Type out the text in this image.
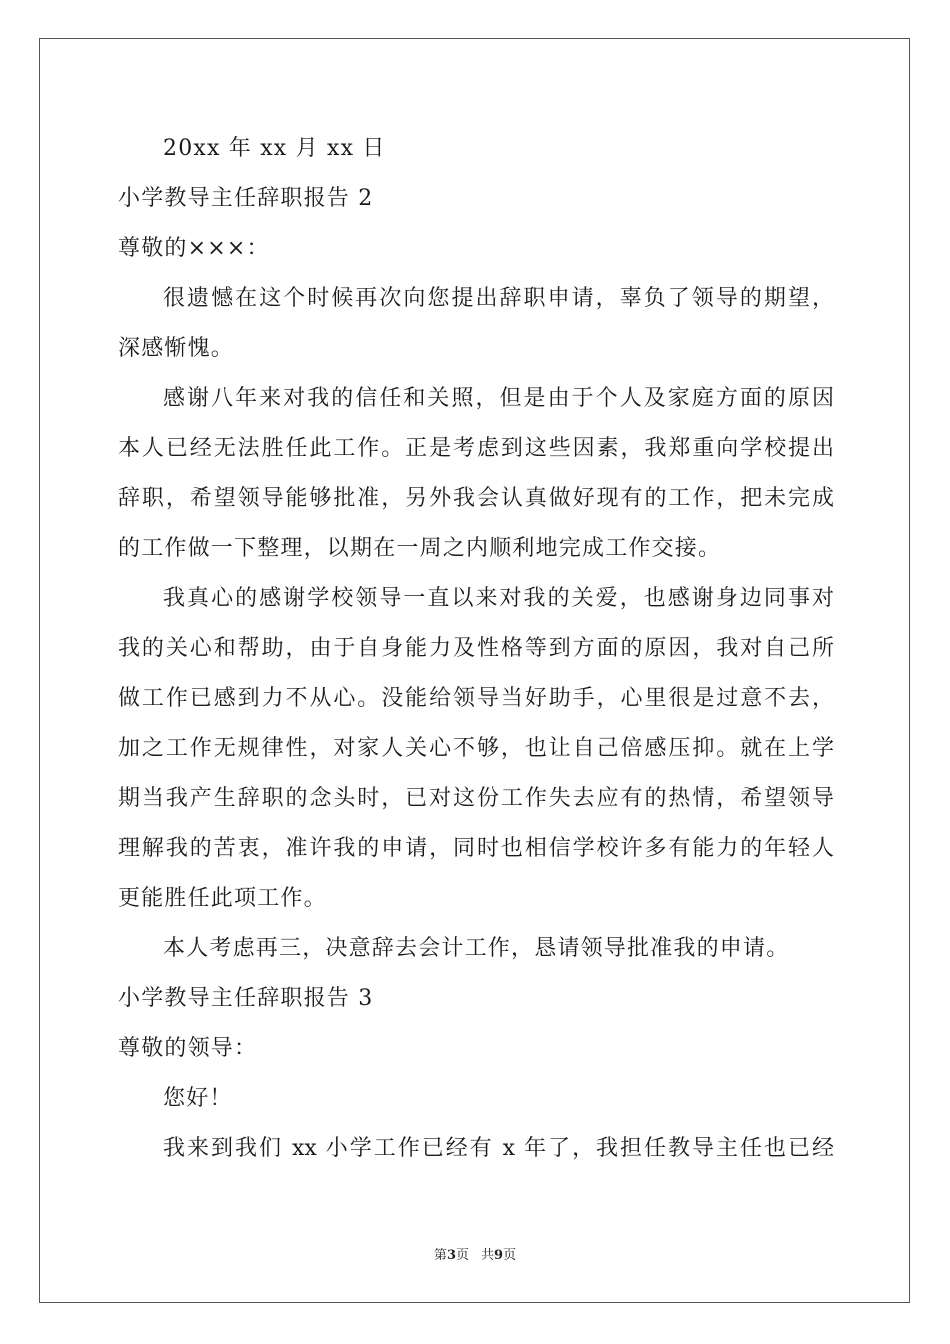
20xx 年 xx 月 xx 日
小学教导主任辞职报告 2
尊敬的×××：
很遗憾在这个时候再次向您提出辞职申请，辜负了领导的期望，
深感惭愧。
感谢八年来对我的信任和关照，但是由于个人及家庭方面的原因
本人已经无法胜任此工作。正是考虑到这些因素，我郑重向学校提出
辞职，希望领导能够批准，另外我会认真做好现有的工作，把未完成
的工作做一下整理，以期在一周之内顺利地完成工作交接。
我真心的感谢学校领导一直以来对我的关爱，也感谢身边同事对
我的关心和帮助，由于自身能力及性格等到方面的原因，我对自己所
做工作已感到力不从心。没能给领导当好助手，心里很是过意不去，
加之工作无规律性，对家人关心不够，也让自己倍感压抑。就在上学
期当我产生辞职的念头时，已对这份工作失去应有的热情，希望领导
理解我的苦衷，准许我的申请，同时也相信学校许多有能力的年轻人
更能胜任此项工作。
本人考虑再三，决意辞去会计工作，恳请领导批准我的申请。
小学教导主任辞职报告 3
尊敬的领导：
您好！
我来到我们 xx 小学工作已经有 x 年了，我担任教导主任也已经
第3页 共9页
